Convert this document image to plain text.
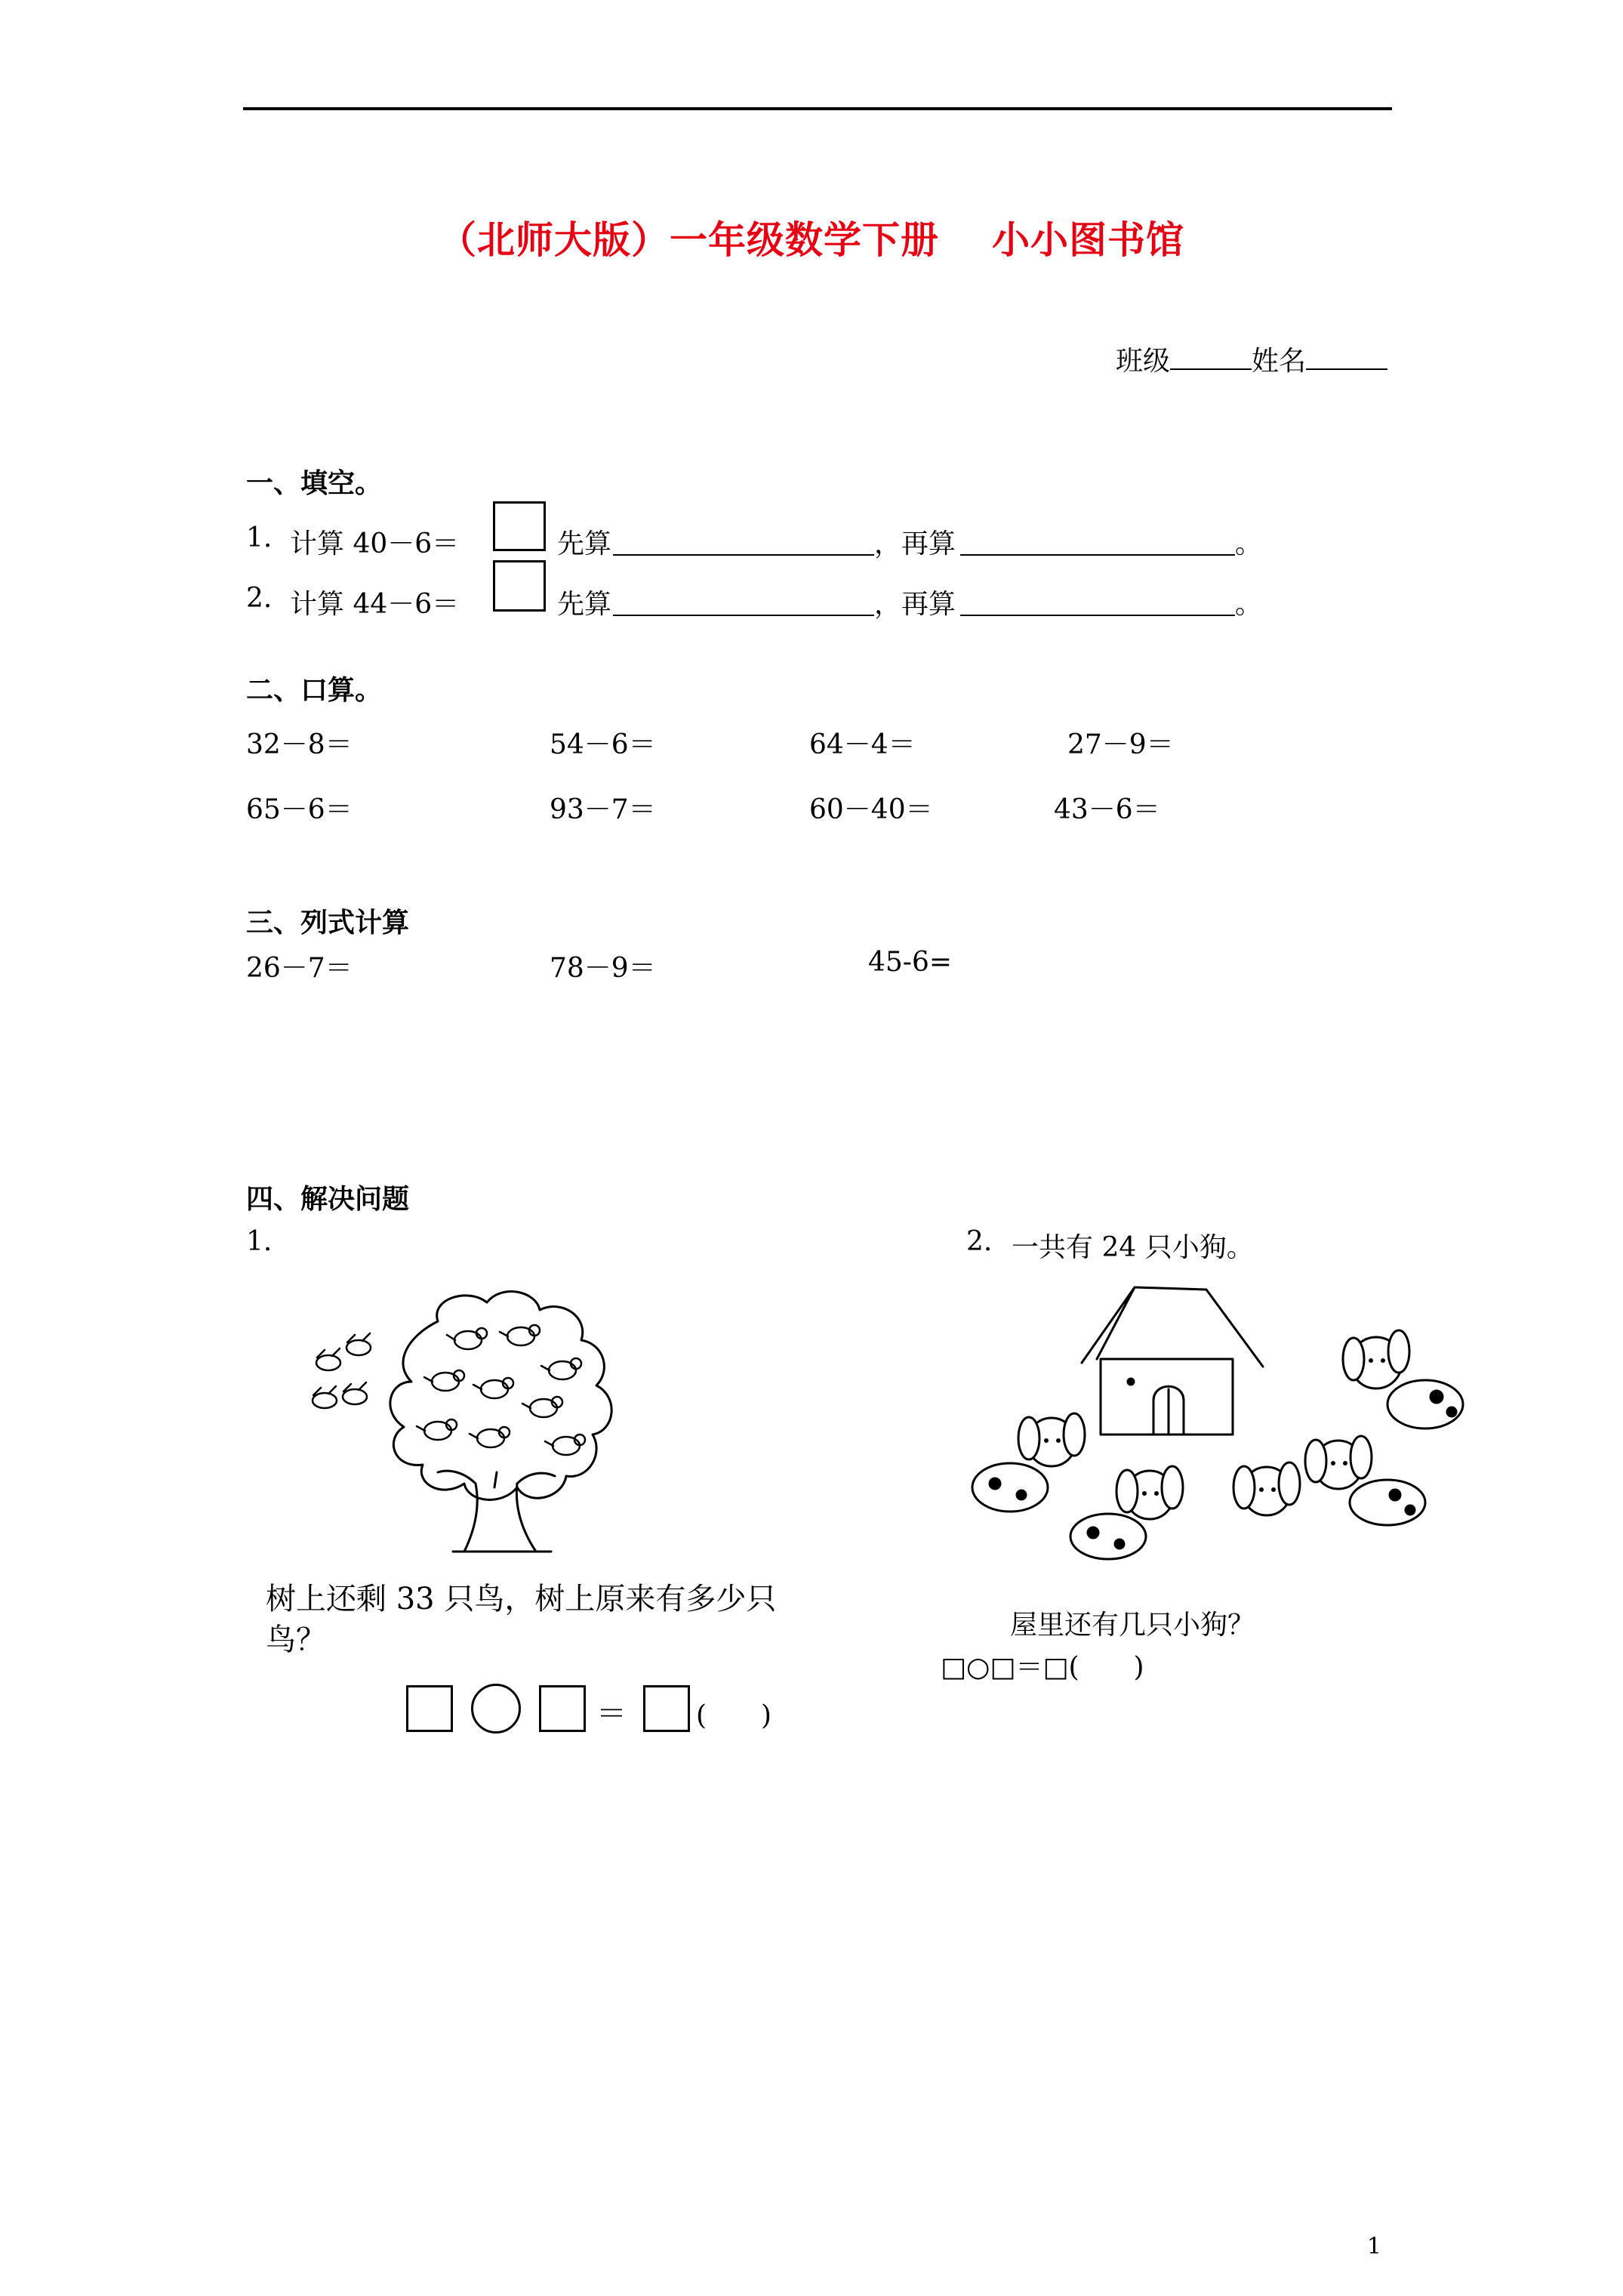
（北师大版）一年级数学下册 小小图书馆
班级	姓名
一、填空。
1. 计算 40－6＝	先算	，再算	。
2. 计算 44－6＝	先算	，再算	。
二、口算。
32－8＝	54－6＝	64－4＝	27－9＝
65－6＝	93－7＝	60－40＝	43－6＝
三、列式计算
26－7＝	78－9＝	45-6=
四、解决问题
1.	2. 一共有 24 只小狗。
树上还剩 33 只鸟，树上原来有多少只
鸟？
＝	(　　)
屋里还有几只小狗？
□○□＝□(　　)
1
